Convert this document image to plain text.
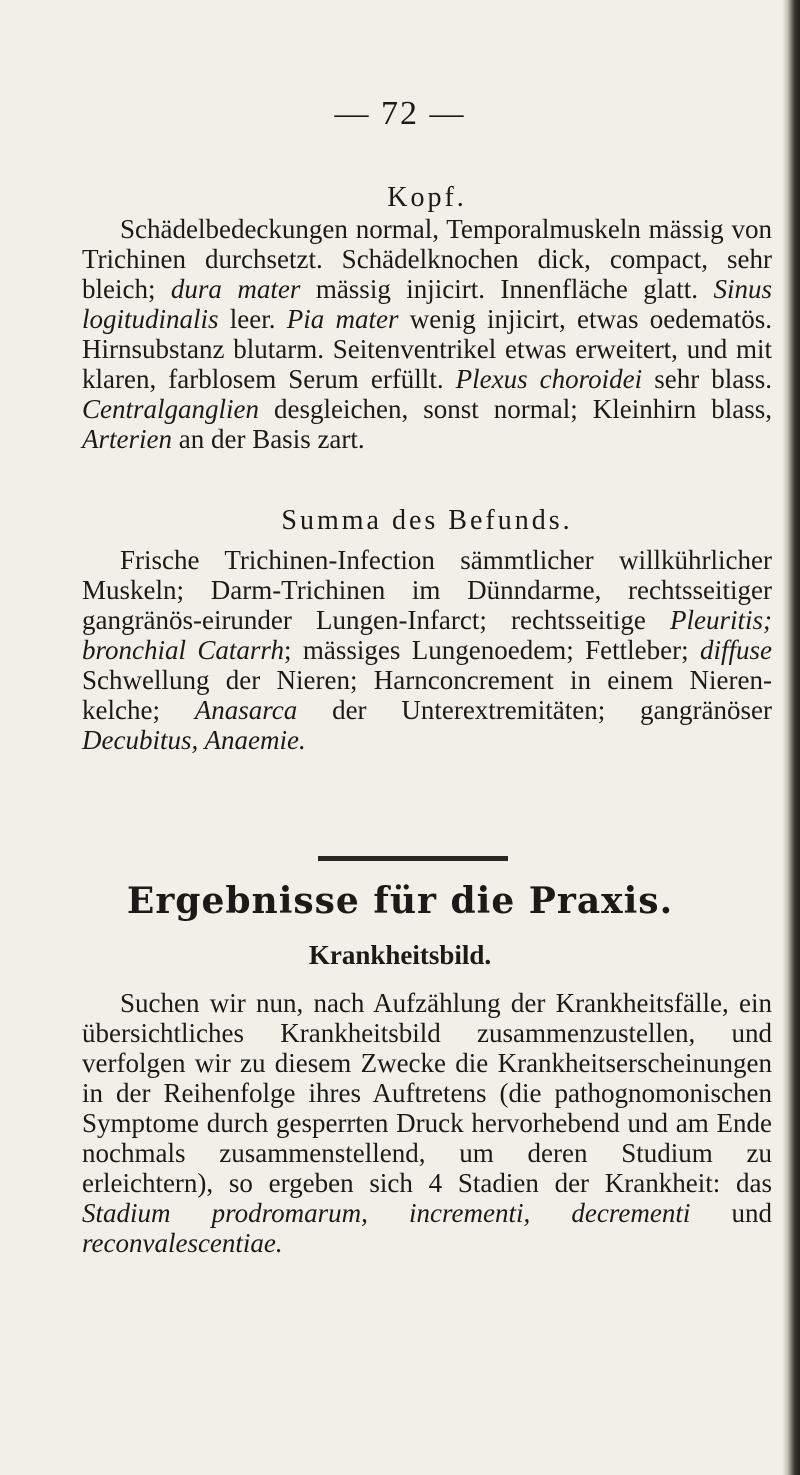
— 72 —
Kopf.

Schädelbedeckungen normal, Temporalmuskeln mässig von Trichinen durchsetzt. Schädelknochen dick, compact, sehr bleich; dura mater mässig injicirt. Innenfläche glatt. Sinus logitudinalis leer. Pia mater wenig injicirt, etwas oedematös. Hirnsubstanz blutarm. Seitenventrikel etwas erweitert, und mit klaren, farblosem Serum erfüllt. Plexus choroidei sehr blass. Centralganglien desgleichen, sonst normal; Kleinhirn blass, Arterien an der Basis zart.

Summa des Befunds.

Frische Trichinen-Infection sämmtlicher willkührlicher Muskeln; Darm-Trichinen im Dünndarme, rechtsseitiger gangränös-eirunder Lungen-Infarct; rechtsseitige Pleuritis; bronchial Catarrh; mässiges Lungenoedem; Fettleber; diffuse Schwellung der Nieren; Harnconcrement in einem Nieren-kelche; Anasarca der Unterextremitäten; gangränöser Decubitus, Anaemie.

Ergebnisse für die Praxis.
Krankheitsbild.

Suchen wir nun, nach Aufzählung der Krankheitsfälle, ein übersichtliches Krankheitsbild zusammenzustellen, und verfolgen wir zu diesem Zwecke die Krankheitserscheinungen in der Reihenfolge ihres Auftretens (die pathognomonischen Symptome durch gesperrten Druck hervorhebend und am Ende nochmals zusammenstellend, um deren Studium zu erleichtern), so ergeben sich 4 Stadien der Krankheit: das Stadium prodromarum, incrementi, decrementi und reconvalescentiae.
